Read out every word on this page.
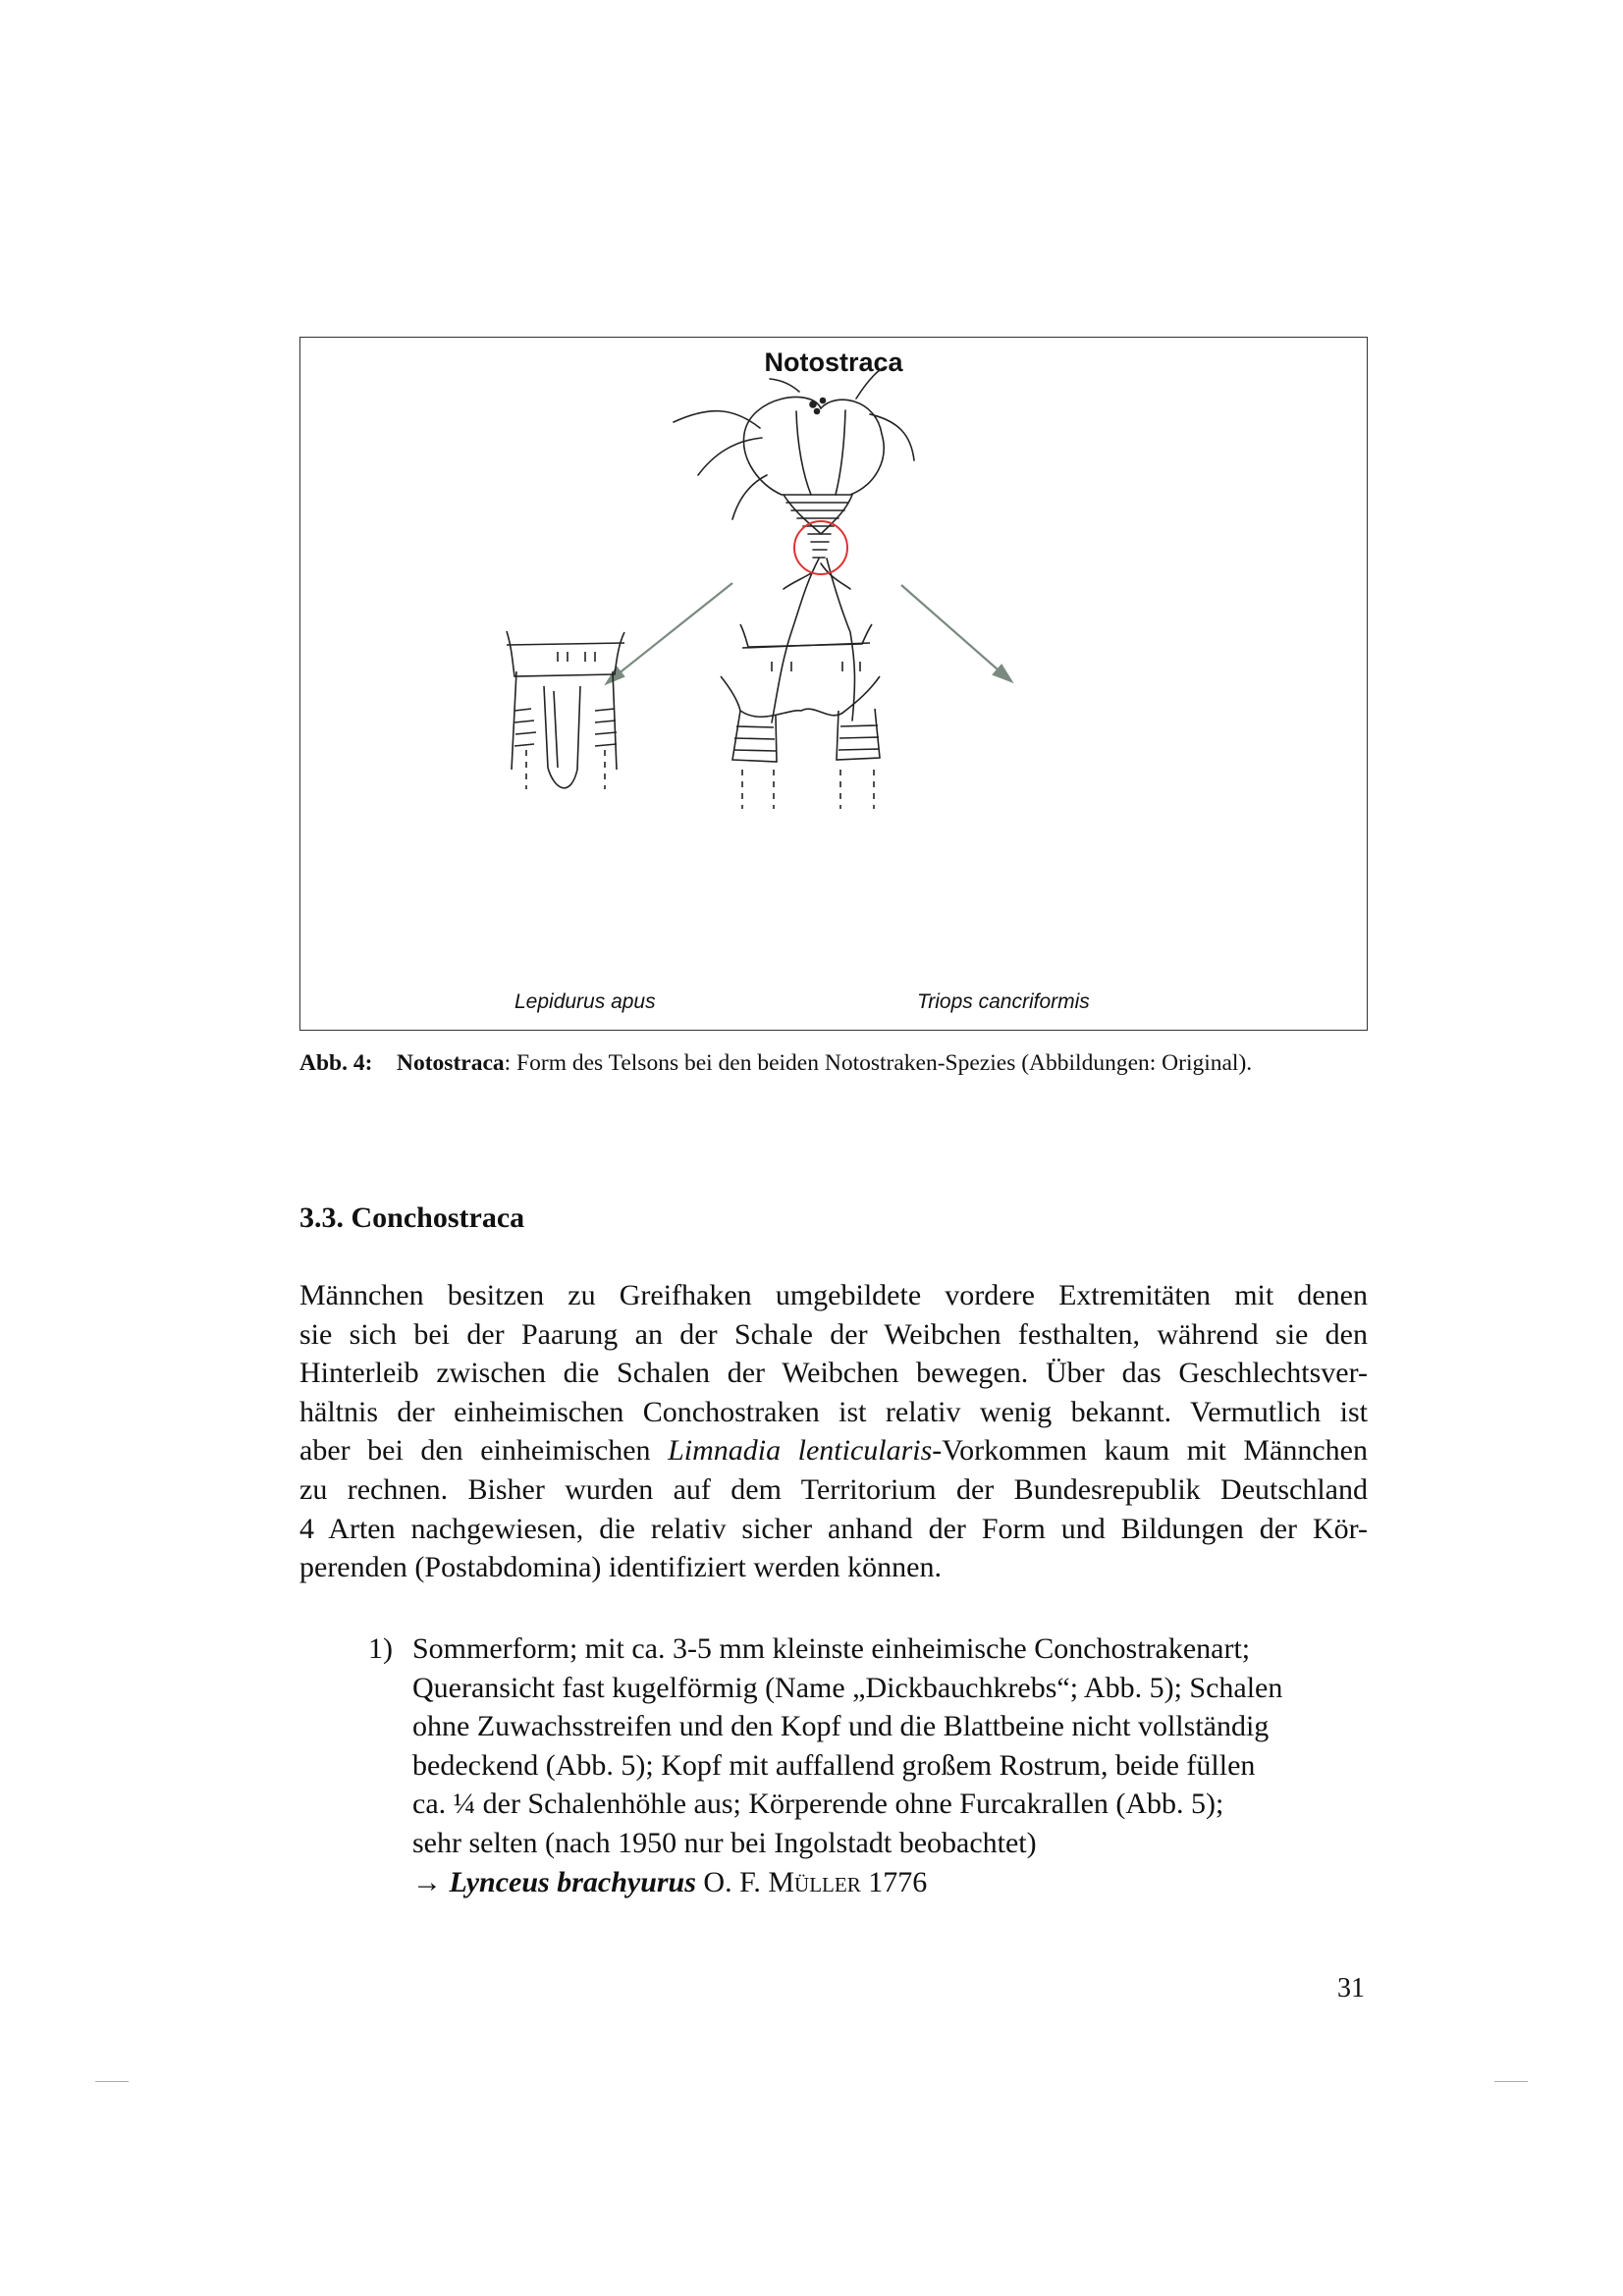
Notostraca
Lepidurus apus	Triops cancriformis
Abb. 4: Notostraca: Form des Telsons bei den beiden Notostraken-Spezies (Abbildungen: Original).
3.3. Conchostraca
Männchen besitzen zu Greifhaken umgebildete vordere Extremitäten mit denen
sie sich bei der Paarung an der Schale der Weibchen festhalten, während sie den
Hinterleib zwischen die Schalen der Weibchen bewegen. Über das Geschlechtsver-
hältnis der einheimischen Conchostraken ist relativ wenig bekannt. Vermutlich ist
aber bei den einheimischen Limnadia lenticularis-Vorkommen kaum mit Männchen
zu rechnen. Bisher wurden auf dem Territorium der Bundesrepublik Deutschland
4 Arten nachgewiesen, die relativ sicher anhand der Form und Bildungen der Kör-
perenden (Postabdomina) identifiziert werden können.
1) Sommerform; mit ca. 3-5 mm kleinste einheimische Conchostrakenart;
Queransicht fast kugelförmig (Name „Dickbauchkrebs“; Abb. 5); Schalen
ohne Zuwachsstreifen und den Kopf und die Blattbeine nicht vollständig
bedeckend (Abb. 5); Kopf mit auffallend großem Rostrum, beide füllen
ca. ¼ der Schalenhöhle aus; Körperende ohne Furcakrallen (Abb. 5);
sehr selten (nach 1950 nur bei Ingolstadt beobachtet)
→ Lynceus brachyurus O. F. Müller 1776
31
